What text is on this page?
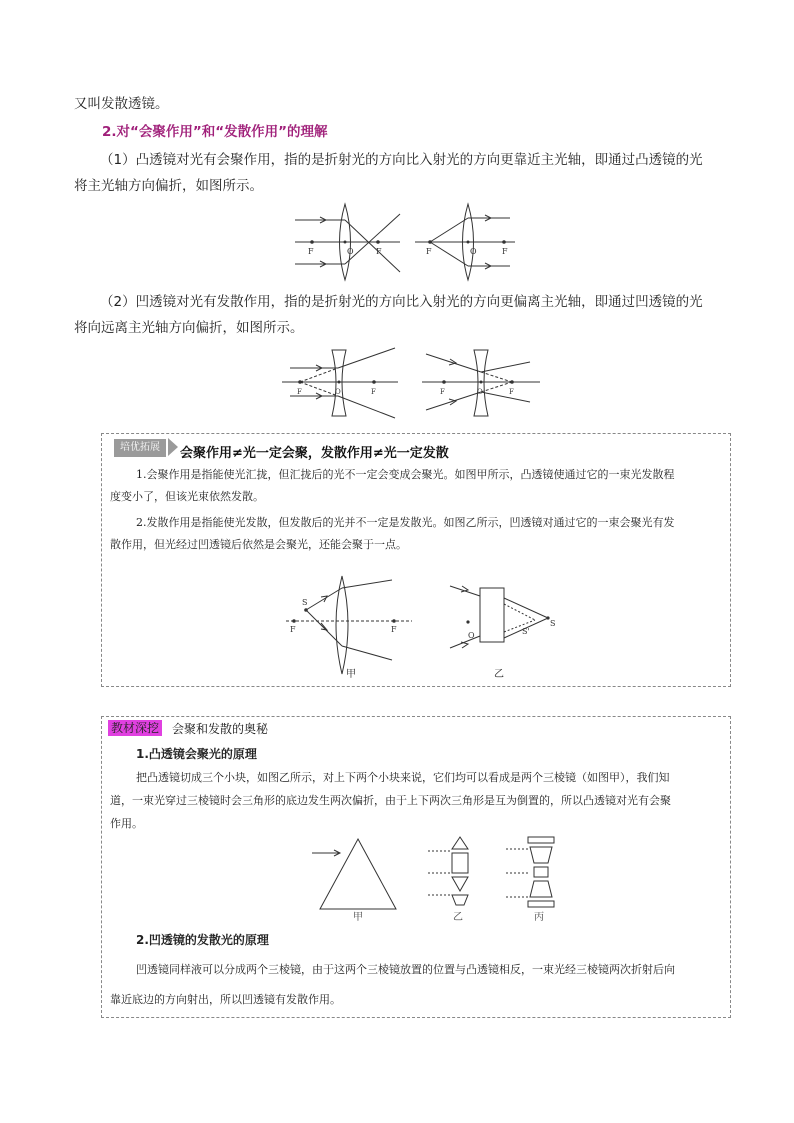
又叫发散透镜。
2.对“会聚作用”和“发散作用”的理解
（1）凸透镜对光有会聚作用，指的是折射光的方向比入射光的方向更靠近主光轴，即通过凸透镜的光
将主光轴方向偏折，如图所示。
F	O	F	F	O	F
（2）凹透镜对光有发散作用，指的是折射光的方向比入射光的方向更偏离主光轴，即通过凹透镜的光
将向远离主光轴方向偏折，如图所示。
F	O	F	F	O	F
培优拓展	会聚作用≠光一定会聚，发散作用≠光一定发散
1.会聚作用是指能使光汇拢，但汇拢后的光不一定会变成会聚光。如图甲所示，凸透镜使通过它的一束光发散程
度变小了，但该光束依然发散。
2.发散作用是指能使光发散，但发散后的光并不一定是发散光。如图乙所示，凹透镜对通过它的一束会聚光有发
散作用，但光经过凹透镜后依然是会聚光，还能会聚于一点。
S
F	F
甲
O
S
S'
乙
教材深挖 会聚和发散的奥秘
1.凸透镜会聚光的原理
把凸透镜切成三个小块，如图乙所示，对上下两个小块来说，它们均可以看成是两个三棱镜（如图甲），我们知
道，一束光穿过三棱镜时会三角形的底边发生两次偏折，由于上下两次三角形是互为倒置的，所以凸透镜对光有会聚
作用。
甲	乙	丙
2.凹透镜的发散光的原理
凹透镜同样液可以分成两个三棱镜，由于这两个三棱镜放置的位置与凸透镜相反，一束光经三棱镜两次折射后向
靠近底边的方向射出，所以凹透镜有发散作用。
